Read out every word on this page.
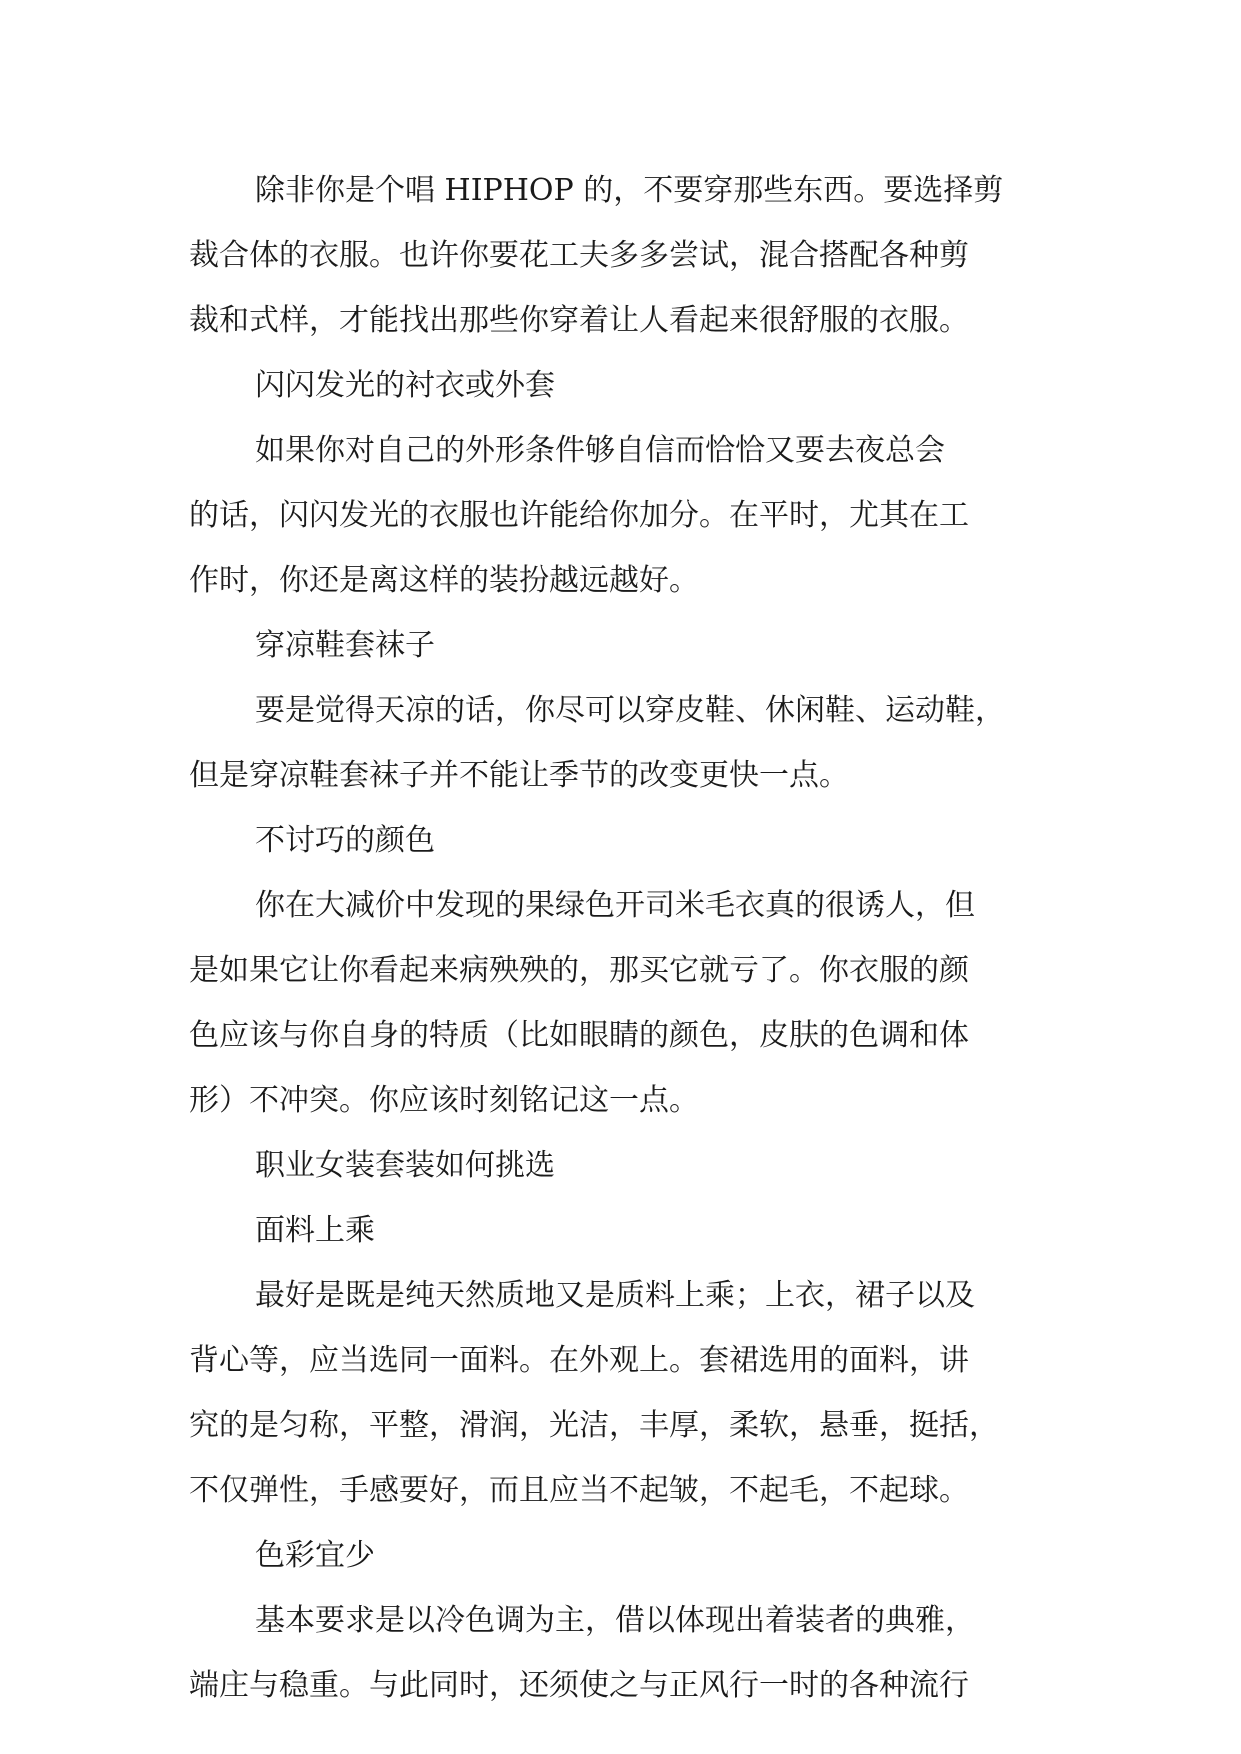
除非你是个唱 HIPHOP 的，不要穿那些东西。要选择剪
裁合体的衣服。也许你要花工夫多多尝试，混合搭配各种剪
裁和式样，才能找出那些你穿着让人看起来很舒服的衣服。
闪闪发光的衬衣或外套
如果你对自己的外形条件够自信而恰恰又要去夜总会
的话，闪闪发光的衣服也许能给你加分。在平时，尤其在工
作时，你还是离这样的装扮越远越好。
穿凉鞋套袜子
要是觉得天凉的话，你尽可以穿皮鞋、休闲鞋、运动鞋，
但是穿凉鞋套袜子并不能让季节的改变更快一点。
不讨巧的颜色
你在大减价中发现的果绿色开司米毛衣真的很诱人，但
是如果它让你看起来病殃殃的，那买它就亏了。你衣服的颜
色应该与你自身的特质（比如眼睛的颜色，皮肤的色调和体
形）不冲突。你应该时刻铭记这一点。
职业女装套装如何挑选
面料上乘
最好是既是纯天然质地又是质料上乘；上衣，裙子以及
背心等，应当选同一面料。在外观上。套裙选用的面料，讲
究的是匀称，平整，滑润，光洁，丰厚，柔软，悬垂，挺括，
不仅弹性，手感要好，而且应当不起皱，不起毛，不起球。
色彩宜少
基本要求是以冷色调为主，借以体现出着装者的典雅，
端庄与稳重。与此同时，还须使之与正风行一时的各种流行
